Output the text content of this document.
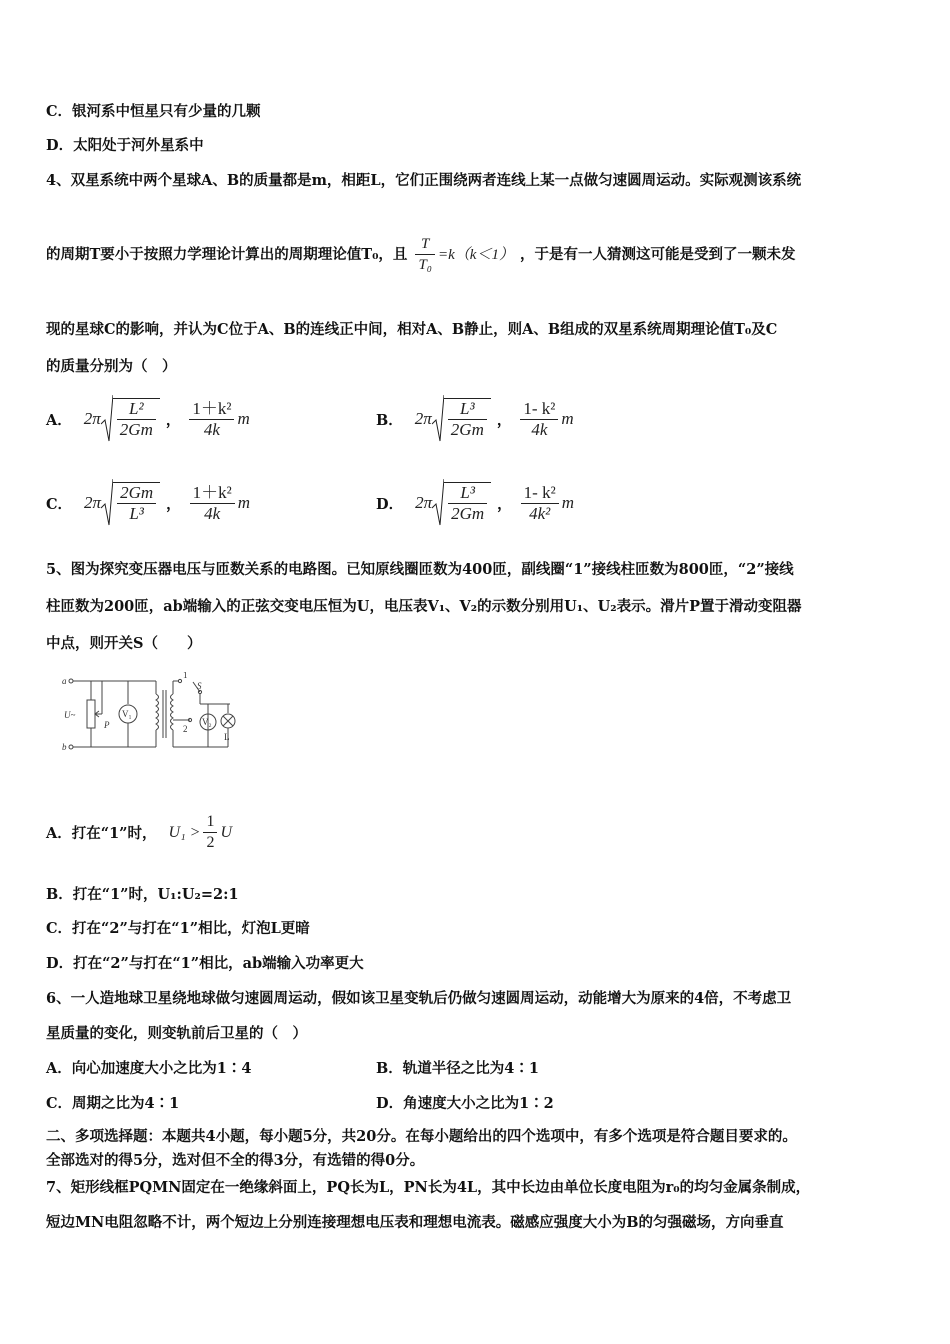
C．银河系中恒星只有少量的几颗
D．太阳处于河外星系中
4、双星系统中两个星球A、B的质量都是m，相距L，它们正围绕两者连线上某一点做匀速圆周运动。实际观测该系统
的周期T要小于按照力学理论计算出的周期理论值T₀，且 $\frac{T}{\text{T₀}} =k(k<1)$ ，于是有一人猜测这可能是受到了一颗未发
现的星球C的影响，并认为C位于A、B的连线正中间，相对A、B静止，则A、B组成的双星系统周期理论值T₀及C
的质量分别为（　）
A． $2\pi \frac{\text{L²}}{2Gm}$ ， $\frac{\text{1＋k²}}{4k}$ m	B． $2\pi \frac{\text{L³}}{2Gm}$ ， $\frac{\text{1- k²}}{4k}$ m
C． $2\pi \frac{2Gm}{\text{L³}}$ ， $\frac{\text{1＋k²}}{4k}$ m	D． $2\pi \frac{\text{L³}}{2Gm}$ ， $\frac{\text{1- k²}}{\text{4k²}}$ m
5、图为探究变压器电压与匝数关系的电路图。已知原线圈匝数为400匝，副线圈“1”接线柱匝数为800匝，“2”接线
柱匝数为200匝，ab端输入的正弦交变电压恒为U，电压表V₁、V₂的示数分别用U₁、U₂表示。滑片P置于滑动变阻器
中点，则开关S（　　）
a
b
U~
P
V₁
1
2
S
V₂
L
A．打在“1”时， $U_1 > \frac{1}{2}$ U
B．打在“1”时，U₁:U₂=2:1
C．打在“2”与打在“1”相比，灯泡L更暗
D．打在“2”与打在“1”相比，ab端输入功率更大
6、一人造地球卫星绕地球做匀速圆周运动，假如该卫星变轨后仍做匀速圆周运动，动能增大为原来的4倍，不考虑卫
星质量的变化，则变轨前后卫星的（　）
A．向心加速度大小之比为1∶4	B．轨道半径之比为4∶1
C．周期之比为4∶1	D．角速度大小之比为1∶2
二、多项选择题：本题共4小题，每小题5分，共20分。在每小题给出的四个选项中，有多个选项是符合题目要求的。
全部选对的得5分，选对但不全的得3分，有选错的得0分。
7、矩形线框PQMN固定在一绝缘斜面上，PQ长为L，PN长为4L，其中长边由单位长度电阻为r₀的均匀金属条制成，
短边MN电阻忽略不计，两个短边上分别连接理想电压表和理想电流表。磁感应强度大小为B的匀强磁场，方向垂直
